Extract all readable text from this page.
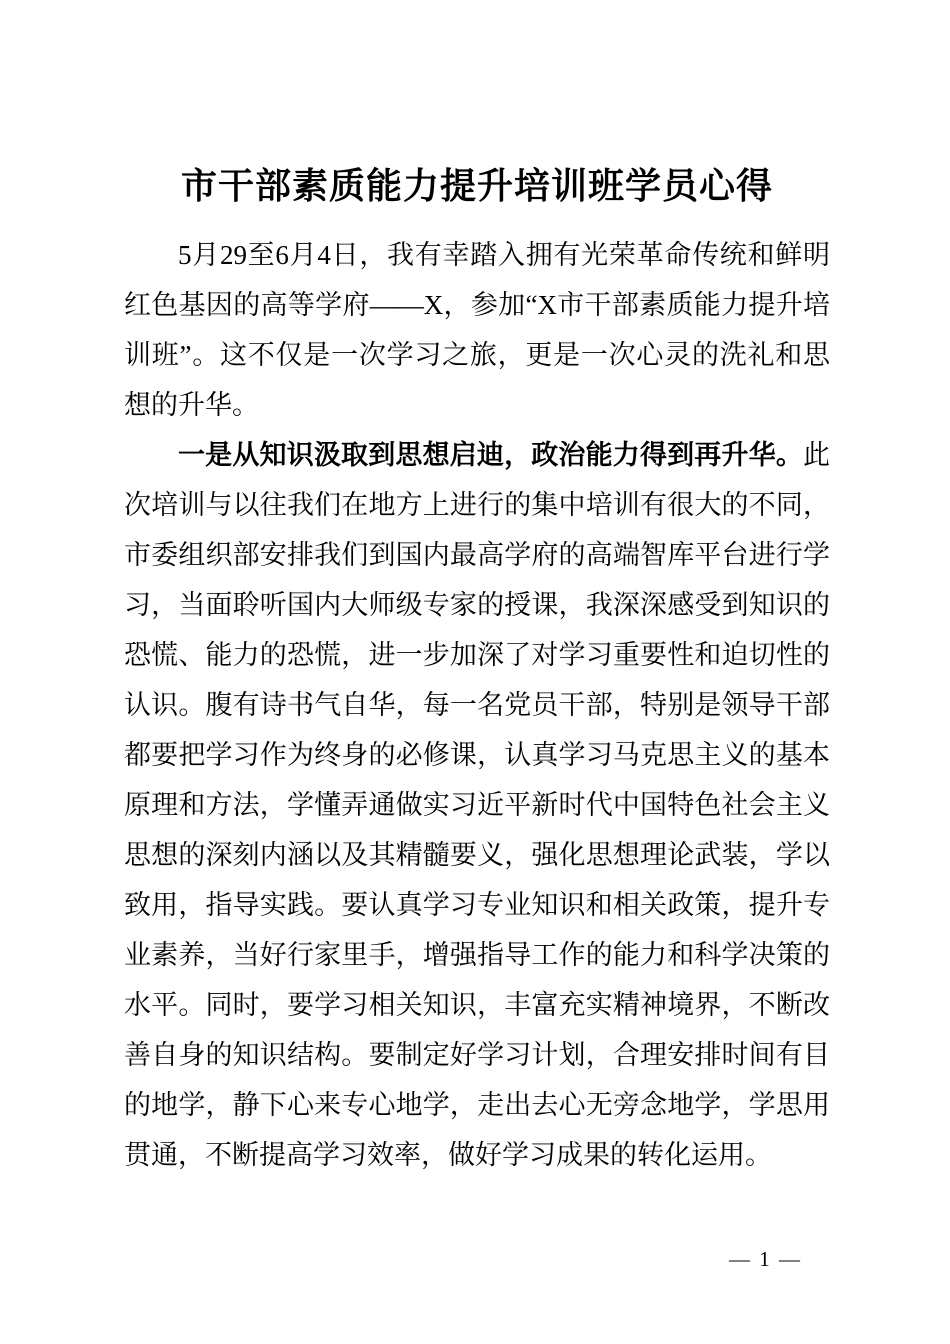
市干部素质能力提升培训班学员心得

5月29至6月4日，我有幸踏入拥有光荣革命传统和鲜明红色基因的高等学府——X，参加“X市干部素质能力提升培训班”。这不仅是一次学习之旅，更是一次心灵的洗礼和思想的升华。

一是从知识汲取到思想启迪，政治能力得到再升华。此次培训与以往我们在地方上进行的集中培训有很大的不同，市委组织部安排我们到国内最高学府的高端智库平台进行学习，当面聆听国内大师级专家的授课，我深深感受到知识的恐慌、能力的恐慌，进一步加深了对学习重要性和迫切性的认识。腹有诗书气自华，每一名党员干部，特别是领导干部都要把学习作为终身的必修课，认真学习马克思主义的基本原理和方法，学懂弄通做实习近平新时代中国特色社会主义思想的深刻内涵以及其精髓要义，强化思想理论武装，学以致用，指导实践。要认真学习专业知识和相关政策，提升专业素养，当好行家里手，增强指导工作的能力和科学决策的水平。同时，要学习相关知识，丰富充实精神境界，不断改善自身的知识结构。要制定好学习计划，合理安排时间有目的地学，静下心来专心地学，走出去心无旁念地学，学思用贯通，不断提高学习效率，做好学习成果的转化运用。

— 1 —
